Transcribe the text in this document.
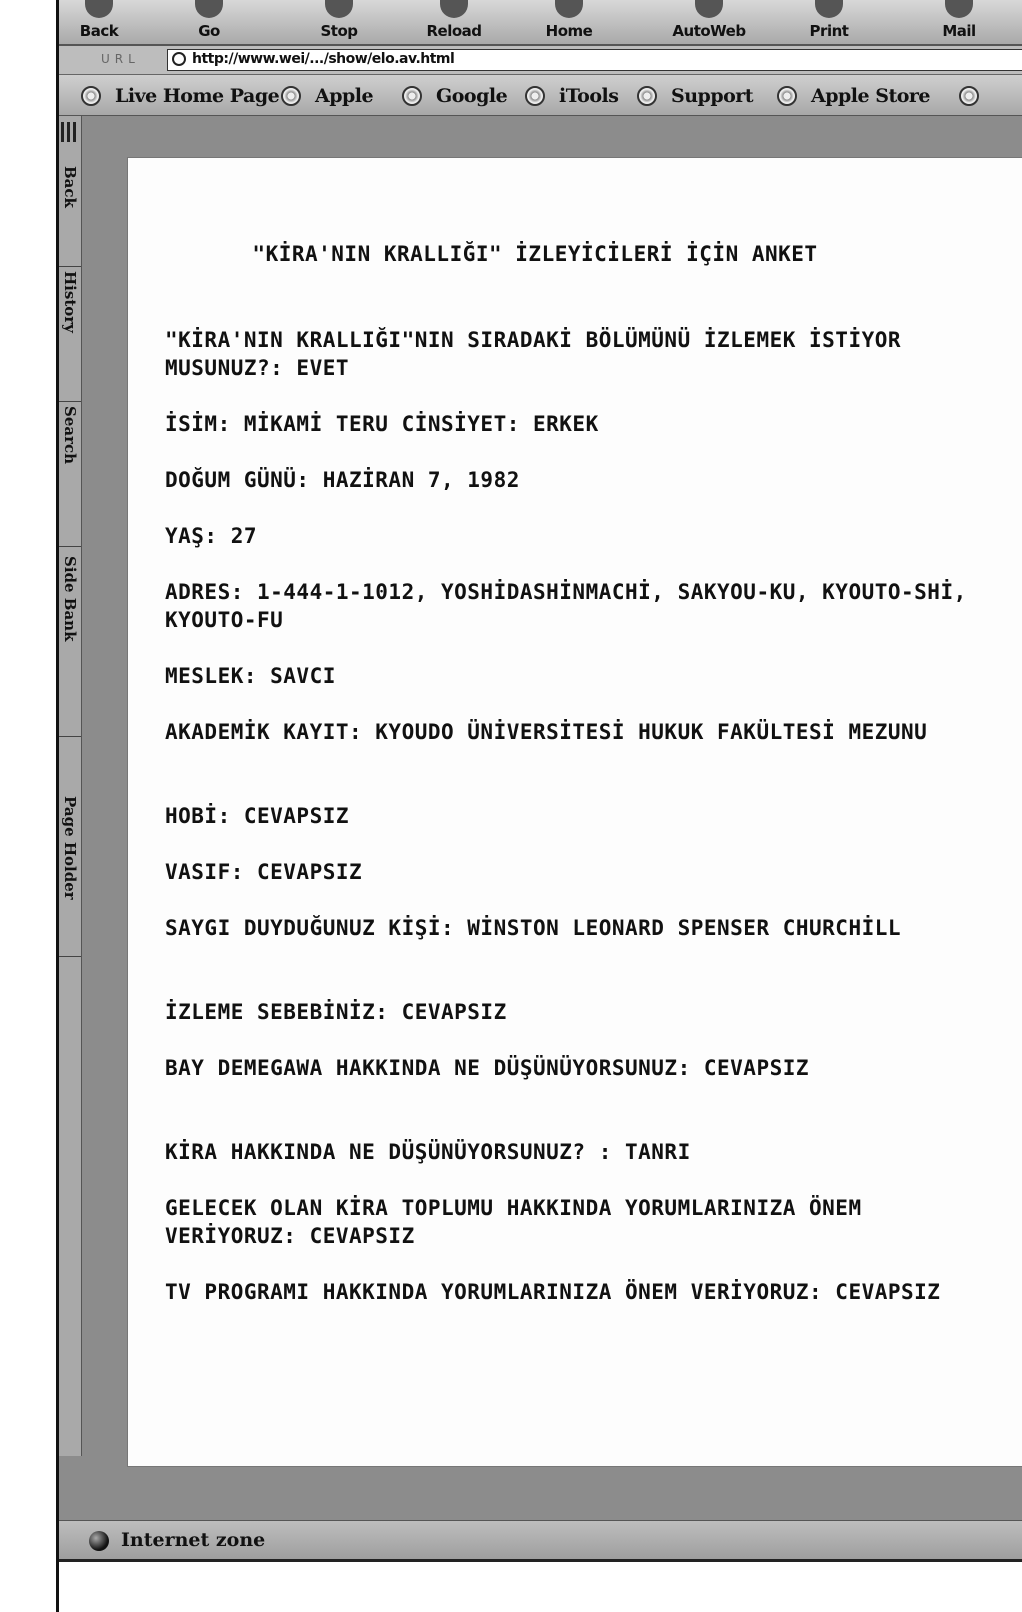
Back	Go	Stop	Reload	Home	AutoWeb	Print	Mail
URL	http://www.wei/.../show/elo.av.html
Live Home Page Apple	Google	iTools	Support	Apple Store
Back
History
Search
Side Bank
Page Holder
"KİRA'NIN KRALLIĞI" İZLEYİCİLERİ İÇİN ANKET
"KİRA'NIN KRALLIĞI"NIN SIRADAKİ BÖLÜMÜNÜ İZLEMEK İSTİYOR MUSUNUZ?: EVET
İSİM: MİKAMİ TERU CİNSİYET: ERKEK
DOĞUM GÜNÜ: HAZİRAN 7, 1982
YAŞ: 27
ADRES: 1-444-1-1012, YOSHİDASHİNMACHİ, SAKYOU-KU, KYOUTO-SHİ, KYOUTO-FU
MESLEK: SAVCI
AKADEMİK KAYIT: KYOUDO ÜNİVERSİTESİ HUKUK FAKÜLTESİ MEZUNU
HOBİ: CEVAPSIZ
VASIF: CEVAPSIZ
SAYGI DUYDUĞUNUZ KİŞİ: WİNSTON LEONARD SPENSER CHURCHİLL
İZLEME SEBEBİNİZ: CEVAPSIZ
BAY DEMEGAWA HAKKINDA NE DÜŞÜNÜYORSUNUZ: CEVAPSIZ
KİRA HAKKINDA NE DÜŞÜNÜYORSUNUZ? : TANRI
GELECEK OLAN KİRA TOPLUMU HAKKINDA YORUMLARINIZA ÖNEM VERİYORUZ: CEVAPSIZ
TV PROGRAMI HAKKINDA YORUMLARINIZA ÖNEM VERİYORUZ: CEVAPSIZ
Internet zone
